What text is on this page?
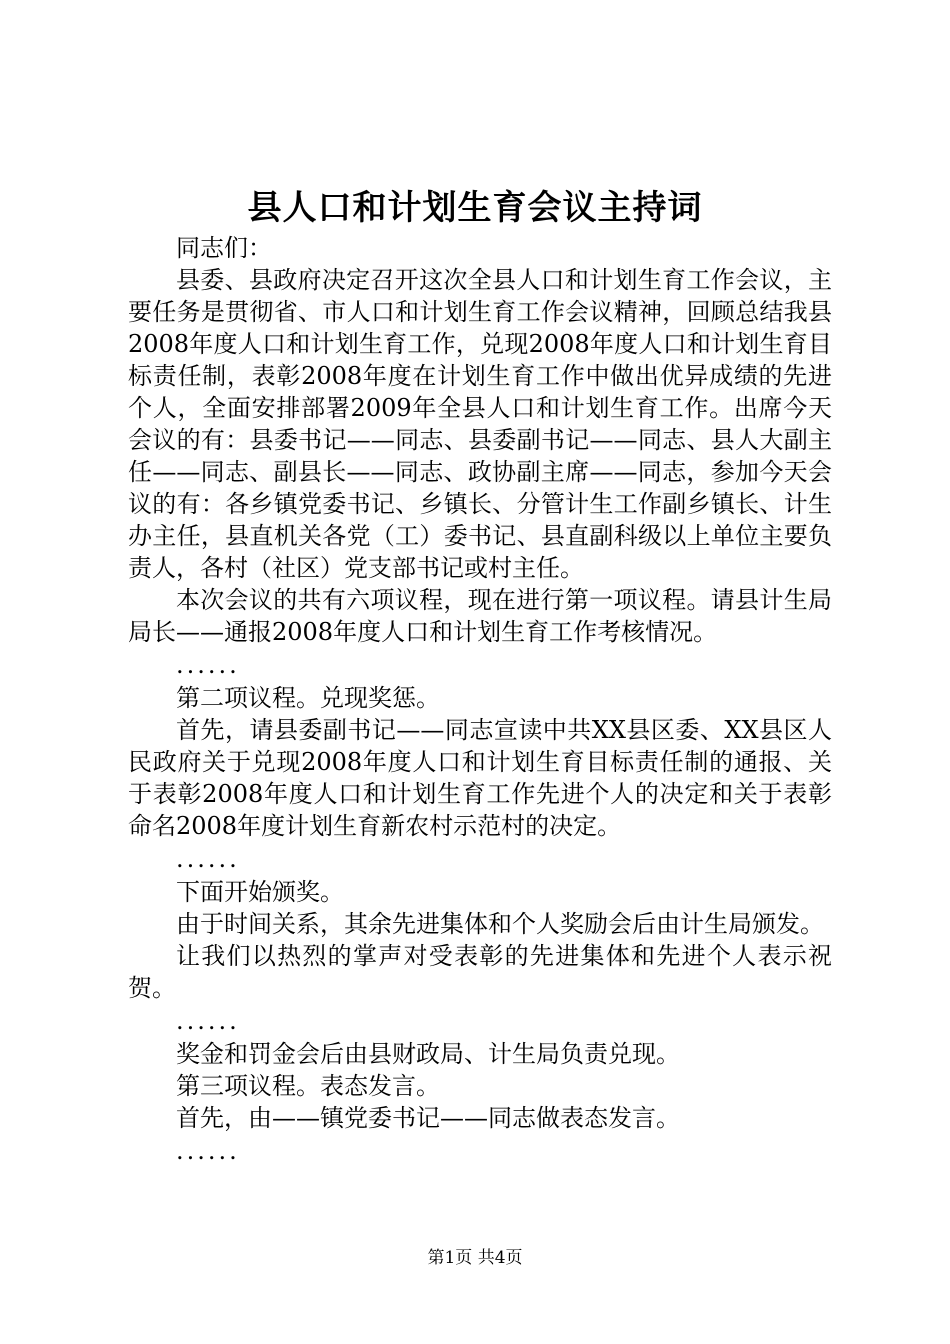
县人口和计划生育会议主持词

同志们：

县委、县政府决定召开这次全县人口和计划生育工作会议，主要任务是贯彻省、市人口和计划生育工作会议精神，回顾总结我县2008年度人口和计划生育工作，兑现2008年度人口和计划生育目标责任制，表彰2008年度在计划生育工作中做出优异成绩的先进个人，全面安排部署2009年全县人口和计划生育工作。出席今天会议的有：县委书记——同志、县委副书记——同志、县人大副主任——同志、副县长——同志、政协副主席——同志，参加今天会议的有：各乡镇党委书记、乡镇长、分管计生工作副乡镇长、计生办主任，县直机关各党（工）委书记、县直副科级以上单位主要负责人，各村（社区）党支部书记或村主任。

本次会议的共有六项议程，现在进行第一项议程。请县计生局局长——通报2008年度人口和计划生育工作考核情况。

......

第二项议程。兑现奖惩。

首先，请县委副书记——同志宣读中共XX县区委、XX县区人民政府关于兑现2008年度人口和计划生育目标责任制的通报、关于表彰2008年度人口和计划生育工作先进个人的决定和关于表彰命名2008年度计划生育新农村示范村的决定。

......

下面开始颁奖。

由于时间关系，其余先进集体和个人奖励会后由计生局颁发。

让我们以热烈的掌声对受表彰的先进集体和先进个人表示祝贺。

......

奖金和罚金会后由县财政局、计生局负责兑现。

第三项议程。表态发言。

首先，由——镇党委书记——同志做表态发言。

......

第1页 共4页
